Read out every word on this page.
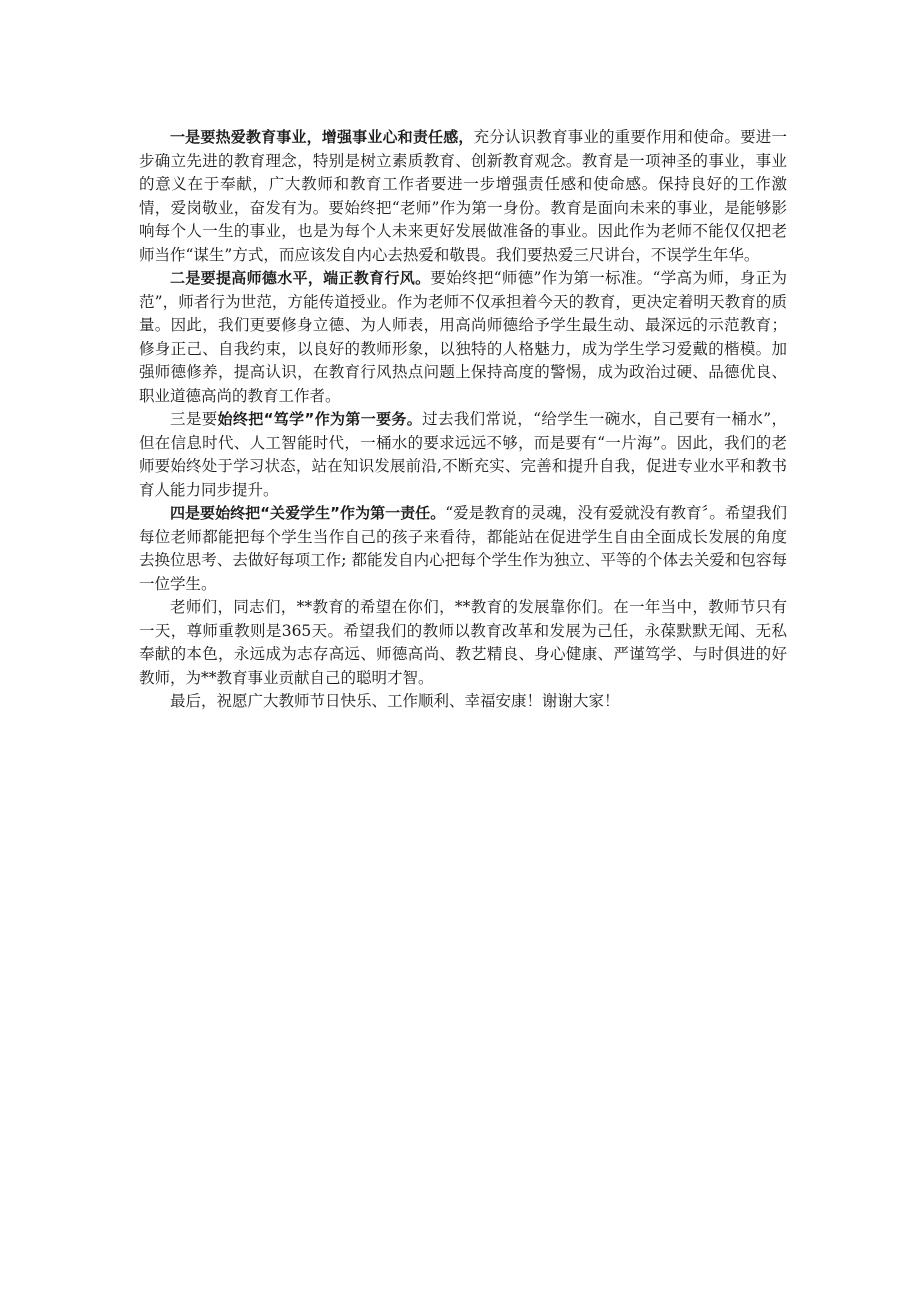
一是要热爱教育事业，增强事业心和责任感，充分认识教育事业的重要作用和使命。要进一步确立先进的教育理念，特别是树立素质教育、创新教育观念。教育是一项神圣的事业，事业的意义在于奉献，广大教师和教育工作者要进一步增强责任感和使命感。保持良好的工作激情，爱岗敬业，奋发有为。要始终把“老师”作为第一身份。教育是面向未来的事业，是能够影响每个人一生的事业，也是为每个人未来更好发展做准备的事业。因此作为老师不能仅仅把老师当作“谋生”方式，而应该发自内心去热爱和敬畏。我们要热爱三尺讲台，不误学生年华。

二是要提高师德水平，端正教育行风。要始终把“师德”作为第一标准。“学高为师，身正为范”，师者行为世范，方能传道授业。作为老师不仅承担着今天的教育，更决定着明天教育的质量。因此，我们更要修身立德、为人师表，用高尚师德给予学生最生动、最深远的示范教育；修身正己、自我约束，以良好的教师形象，以独特的人格魅力，成为学生学习爱戴的楷模。加强师德修养，提高认识，在教育行风热点问题上保持高度的警惕，成为政治过硬、品德优良、职业道德高尚的教育工作者。

三是要始终把“笃学”作为第一要务。过去我们常说，“给学生一碗水，自己要有一桶水”，但在信息时代、人工智能时代，一桶水的要求远远不够，而是要有“一片海”。因此，我们的老师要始终处于学习状态，站在知识发展前沿,不断充实、完善和提升自我，促进专业水平和教书育人能力同步提升。

四是要始终把“关爱学生”作为第一责任。“爱是教育的灵魂，没有爱就没有教育〞。希望我们每位老师都能把每个学生当作自己的孩子来看待，都能站在促进学生自由全面成长发展的角度去换位思考、去做好每项工作; 都能发自内心把每个学生作为独立、平等的个体去关爱和包容每一位学生。

老师们，同志们，**教育的希望在你们，**教育的发展靠你们。在一年当中，教师节只有一天，尊师重教则是365天。希望我们的教师以教育改革和发展为己任，永葆默默无闻、无私奉献的本色，永远成为志存高远、师德高尚、教艺精良、身心健康、严谨笃学、与时俱进的好教师，为**教育事业贡献自己的聪明才智。

最后，祝愿广大教师节日快乐、工作顺利、幸福安康！谢谢大家！
